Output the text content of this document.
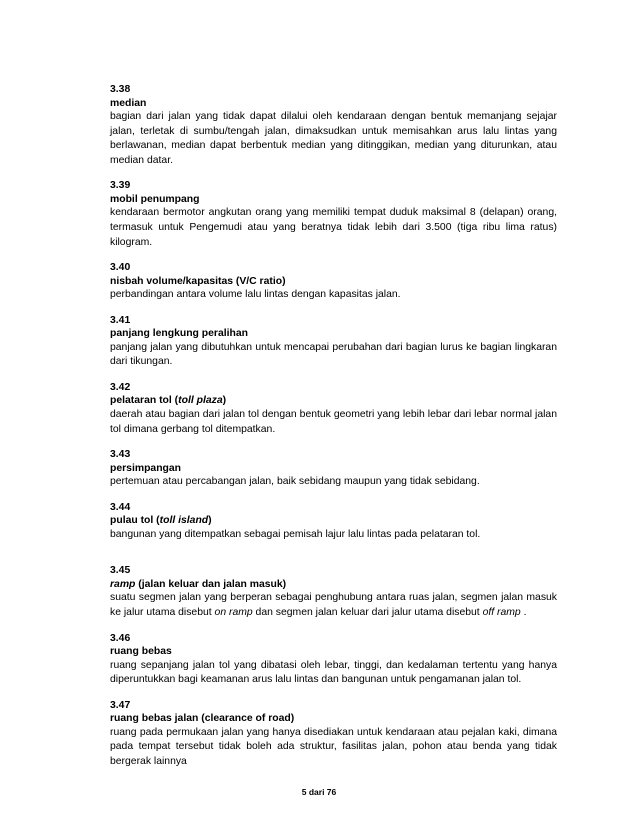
3.38
median
bagian dari jalan yang tidak dapat dilalui oleh kendaraan dengan bentuk memanjang sejajar jalan, terletak di sumbu/tengah jalan, dimaksudkan untuk memisahkan arus lalu lintas yang berlawanan, median dapat berbentuk median yang ditinggikan, median yang diturunkan, atau median datar.
3.39
mobil penumpang
kendaraan bermotor angkutan orang yang memiliki tempat duduk maksimal 8 (delapan) orang, termasuk untuk Pengemudi atau yang beratnya tidak lebih dari 3.500 (tiga ribu lima ratus) kilogram.
3.40
nisbah volume/kapasitas (V/C ratio)
perbandingan antara volume lalu lintas dengan kapasitas jalan.
3.41
panjang lengkung peralihan
panjang jalan yang dibutuhkan untuk mencapai perubahan dari bagian lurus ke bagian lingkaran dari tikungan.
3.42
pelataran tol (toll plaza)
daerah atau bagian dari jalan tol dengan bentuk geometri yang lebih lebar dari lebar normal jalan tol dimana gerbang tol ditempatkan.
3.43
persimpangan
pertemuan atau percabangan jalan, baik sebidang maupun yang tidak sebidang.
3.44
pulau tol (toll island)
bangunan yang ditempatkan sebagai pemisah lajur lalu lintas pada pelataran tol.
3.45
ramp (jalan keluar dan jalan masuk)
suatu segmen jalan yang berperan sebagai penghubung antara ruas jalan, segmen jalan masuk ke jalur utama disebut on ramp dan segmen jalan keluar dari jalur utama disebut off ramp .
3.46
ruang bebas
ruang sepanjang jalan tol yang dibatasi oleh lebar, tinggi, dan kedalaman tertentu yang hanya diperuntukkan bagi keamanan arus lalu lintas dan bangunan untuk pengamanan jalan tol.
3.47
ruang bebas jalan (clearance of road)
ruang pada permukaan jalan yang hanya disediakan untuk kendaraan atau pejalan kaki, dimana pada tempat tersebut tidak boleh ada struktur, fasilitas jalan, pohon atau benda yang tidak bergerak lainnya
5 dari 76
